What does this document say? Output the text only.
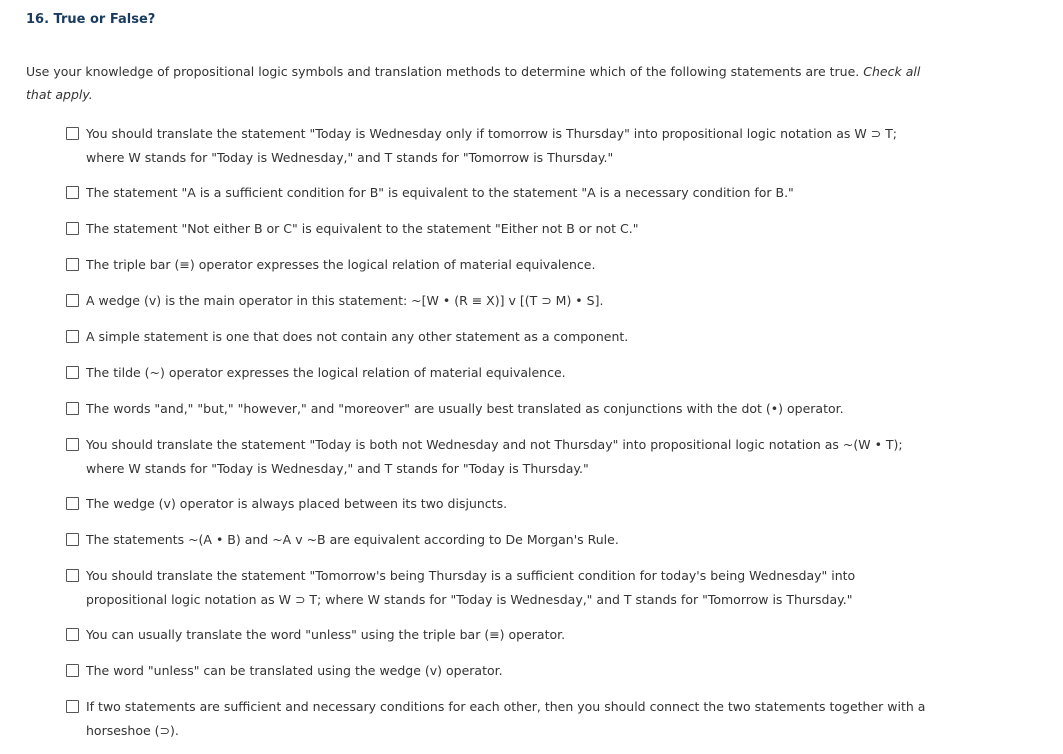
16. True or False?
Use your knowledge of propositional logic symbols and translation methods to determine which of the following statements are true. Check all that apply.
You should translate the statement "Today is Wednesday only if tomorrow is Thursday" into propositional logic notation as W ⊃ T; where W stands for "Today is Wednesday," and T stands for "Tomorrow is Thursday."
The statement "A is a sufficient condition for B" is equivalent to the statement "A is a necessary condition for B."
The statement "Not either B or C" is equivalent to the statement "Either not B or not C."
The triple bar (≡) operator expresses the logical relation of material equivalence.
A wedge (v) is the main operator in this statement: ~[W • (R ≡ X)] v [(T ⊃ M) • S].
A simple statement is one that does not contain any other statement as a component.
The tilde (~) operator expresses the logical relation of material equivalence.
The words "and," "but," "however," and "moreover" are usually best translated as conjunctions with the dot (•) operator.
You should translate the statement "Today is both not Wednesday and not Thursday" into propositional logic notation as ~(W • T); where W stands for "Today is Wednesday," and T stands for "Today is Thursday."
The wedge (v) operator is always placed between its two disjuncts.
The statements ~(A • B) and ~A v ~B are equivalent according to De Morgan's Rule.
You should translate the statement "Tomorrow's being Thursday is a sufficient condition for today's being Wednesday" into propositional logic notation as W ⊃ T; where W stands for "Today is Wednesday," and T stands for "Tomorrow is Thursday."
You can usually translate the word "unless" using the triple bar (≡) operator.
The word "unless" can be translated using the wedge (v) operator.
If two statements are sufficient and necessary conditions for each other, then you should connect the two statements together with a horseshoe (⊃).
